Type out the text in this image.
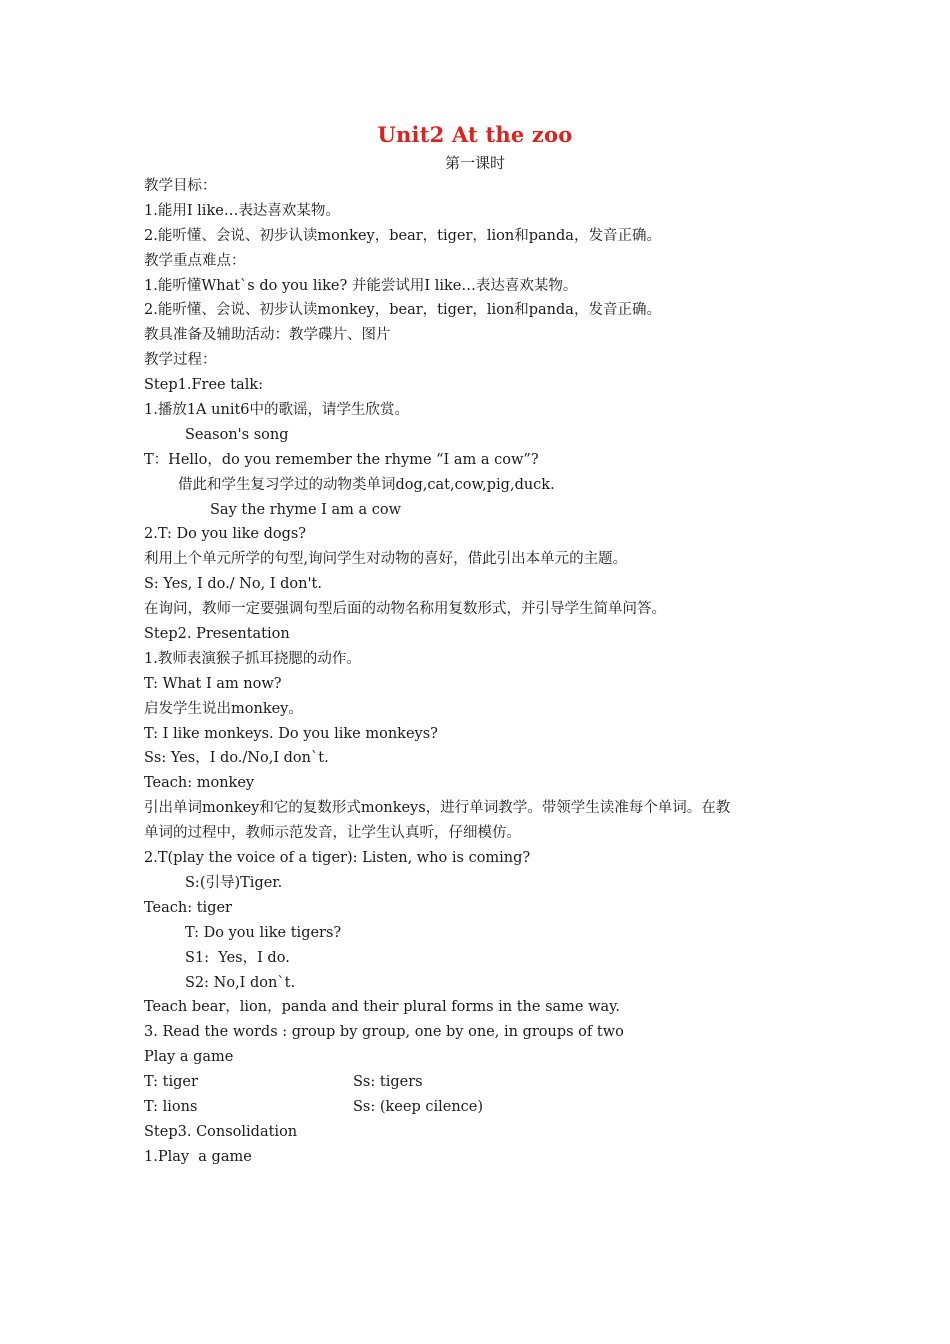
Unit2 At the zoo
第一课时
教学目标：
1.能用I like…表达喜欢某物。
2.能听懂、会说、初步认读monkey，bear，tiger，lion和panda，发音正确。
教学重点难点：
1.能听懂What`s do you like? 并能尝试用I like…表达喜欢某物。
2.能听懂、会说、初步认读monkey，bear，tiger，lion和panda，发音正确。
教具准备及辅助活动：教学碟片、图片
教学过程：
Step1.Free talk:
1.播放1A unit6中的歌谣，请学生欣赏。
Season's song
T：Hello，do you remember the rhyme “I am a cow”?
借此和学生复习学过的动物类单词dog,cat,cow,pig,duck.
Say the rhyme I am a cow
2.T: Do you like dogs?
利用上个单元所学的句型,询问学生对动物的喜好，借此引出本单元的主题。
S: Yes, I do./ No, I don't.
在询问，教师一定要强调句型后面的动物名称用复数形式，并引导学生简单问答。
Step2. Presentation
1.教师表演猴子抓耳挠腮的动作。
T: What I am now?
启发学生说出monkey。
T: I like monkeys. Do you like monkeys?
Ss: Yes，I do./No,I don`t.
Teach: monkey
引出单词monkey和它的复数形式monkeys，进行单词教学。带领学生读准每个单词。在教
单词的过程中，教师示范发音，让学生认真听，仔细模仿。
2.T(play the voice of a tiger): Listen, who is coming?
S:(引导)Tiger.
Teach: tiger
T: Do you like tigers?
S1:  Yes，I do.
S2: No,I don`t.
Teach bear，lion，panda and their plural forms in the same way.
3. Read the words : group by group, one by one, in groups of two
Play a game
T: tiger	Ss: tigers
T: lions	Ss: (keep cilence)
Step3. Consolidation
1.Play  a game
